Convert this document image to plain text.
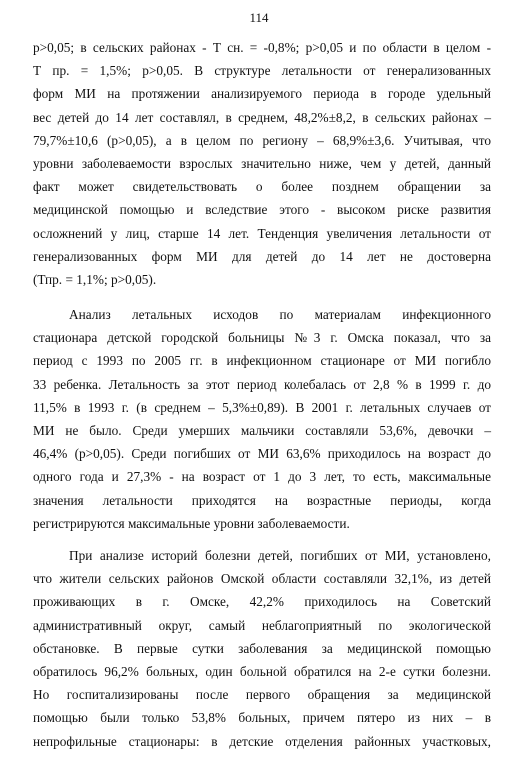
114
p>0,05; в сельских районах - Т сн. = -0,8%; p>0,05 и по области в целом -
Т пр. = 1,5%; p>0,05. В структуре летальности от генерализованных
форм МИ на протяжении анализируемого периода в городе удельный
вес детей до 14 лет составлял, в среднем, 48,2%±8,2, в сельских районах –
79,7%±10,6 (p>0,05), а в целом по региону – 68,9%±3,6. Учитывая, что
уровни заболеваемости взрослых значительно ниже, чем у детей, данный
факт может свидетельствовать о более позднем обращении за
медицинской помощью и вследствие этого - высоком риске развития
осложнений у лиц, старше 14 лет. Тенденция увеличения летальности от
генерализованных форм МИ для детей до 14 лет не достоверна
(Тпр. = 1,1%; p>0,05).
Анализ летальных исходов по материалам инфекционного
стационара детской городской больницы №3 г. Омска показал, что за
период с 1993 по 2005 гг. в инфекционном стационаре от МИ погибло
33 ребенка. Летальность за этот период колебалась от 2,8 % в 1999 г. до
11,5% в 1993 г. (в среднем – 5,3%±0,89). В 2001 г. летальных случаев от
МИ не было. Среди умерших мальчики составляли 53,6%, девочки –
46,4% (p>0,05). Среди погибших от МИ 63,6% приходилось на возраст до
одного года и 27,3% - на возраст от 1 до 3 лет, то есть, максимальные
значения летальности приходятся на возрастные периоды, когда
регистрируются максимальные уровни заболеваемости.
При анализе историй болезни детей, погибших от МИ, установлено,
что жители сельских районов Омской области составляли 32,1%, из детей
проживающих в г. Омске, 42,2% приходилось на Советский
административный округ, самый неблагоприятный по экологической
обстановке. В первые сутки заболевания за медицинской помощью
обратилось 96,2% больных, один больной обратился на 2-е сутки болезни.
Но госпитализированы после первого обращения за медицинской
помощью были только 53,8% больных, причем пятеро из них – в
непрофильные стационары: в детские отделения районных участковых,
